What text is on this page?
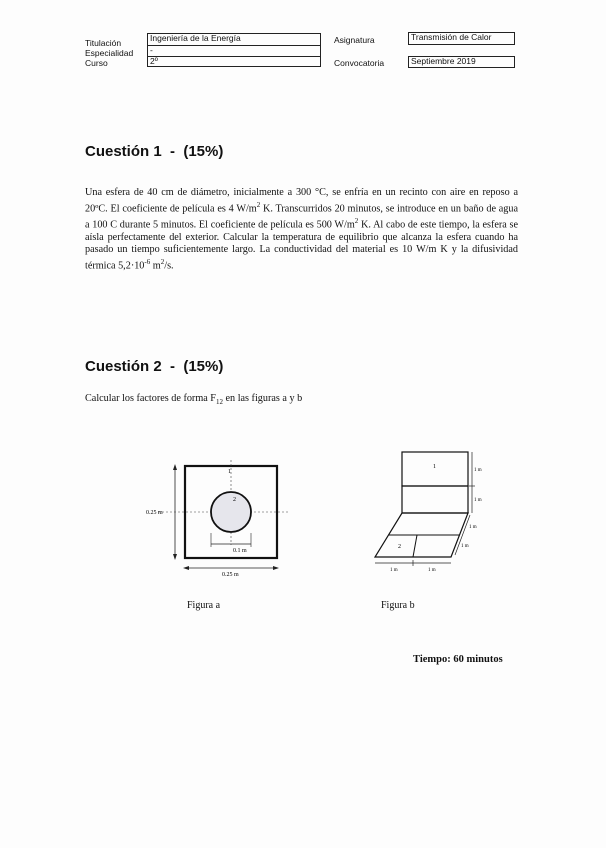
Titulación
Especialidad
Curso
Ingeniería de la Energía
-
2º
Asignatura
Convocatoria
Transmisión de Calor
Septiembre 2019
Cuestión 1  -  (15%)
Una esfera de 40 cm de diámetro, inicialmente a 300 °C, se enfría en un recinto con aire en reposo a 20ºC. El coeficiente de película es 4 $W/m^2$ K. Transcurridos 20 minutos, se introduce en un baño de agua a 100 C durante 5 minutos. El coeficiente de película es 500 $W/m^2$ K. Al cabo de este tiempo, la esfera se aísla perfectamente del exterior. Calcular la temperatura de equilibrio que alcanza la esfera cuando ha pasado un tiempo suficientemente largo. La conductividad del material es 10 W/m K y la difusividad térmica $5,2\cdot 10^{-6}$ $m^2/s$.
Cuestión 2  -  (15%)
Calcular los factores de forma $F_{12}$ en las figuras a y b
1
2
0.25 m
0.25 m
0.1 m
Figura a
1
2
1 m
1 m
1 m
1 m
1 m	1 m
Figura b
Tiempo: 60 minutos
